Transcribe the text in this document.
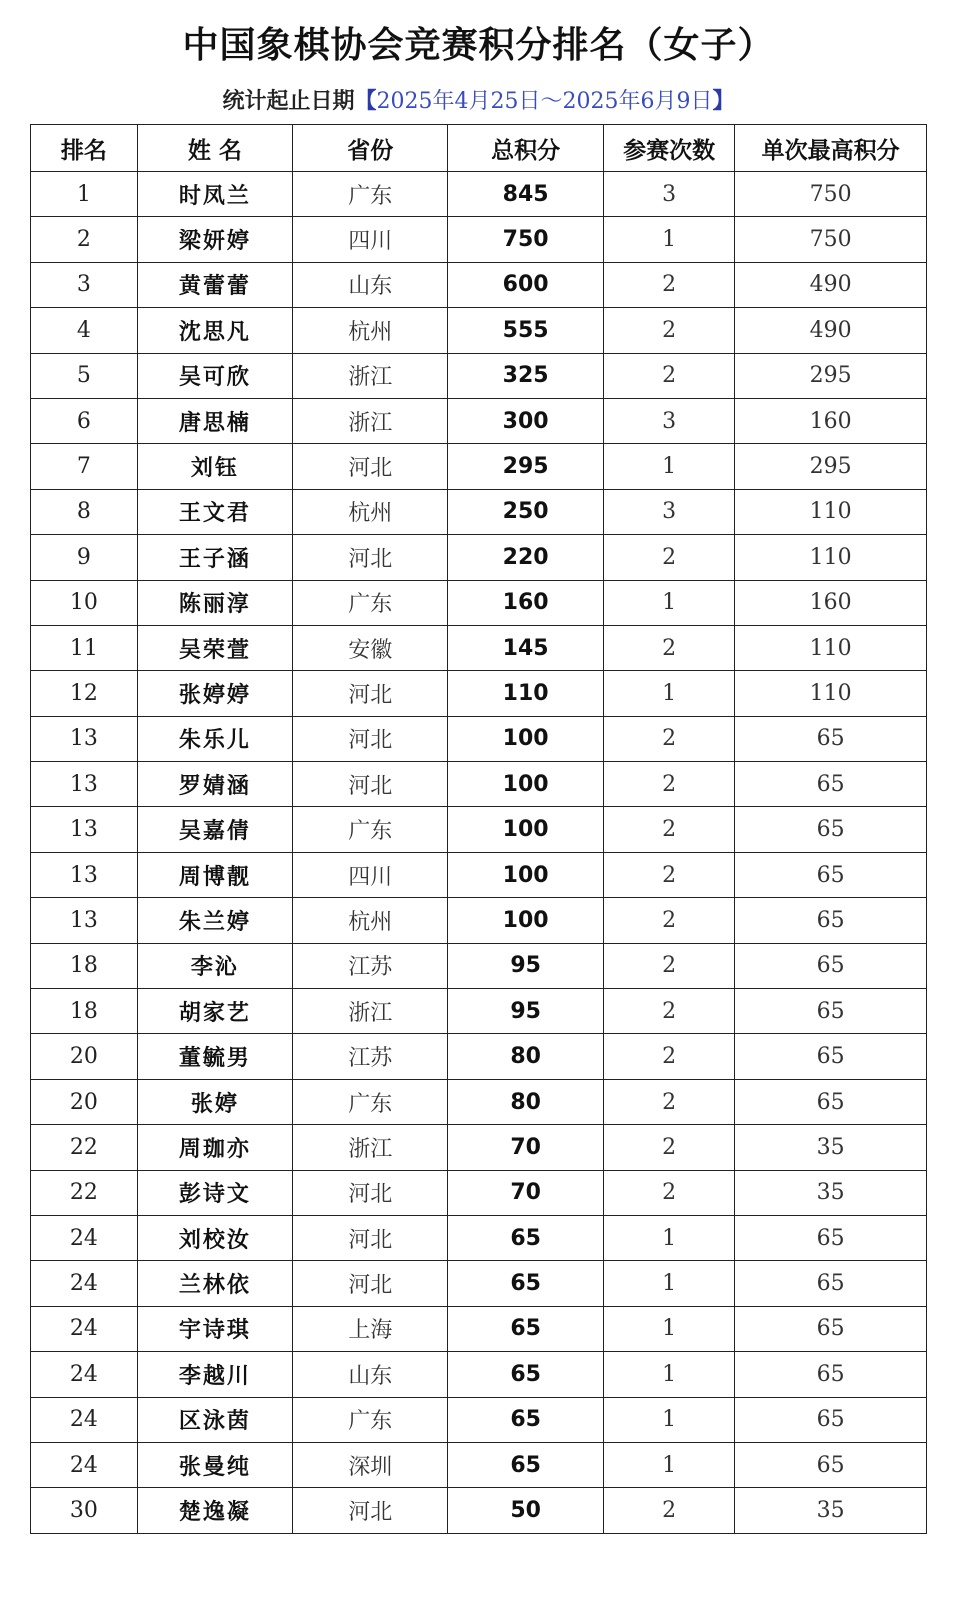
中国象棋协会竞赛积分排名（女子）
统计起止日期【2025年4月25日～2025年6月9日】
排名	姓 名	省份	总积分	参赛次数	单次最高积分
1	时凤兰	广东	845	3	750
2	梁妍婷	四川	750	1	750
3	黄蕾蕾	山东	600	2	490
4	沈思凡	杭州	555	2	490
5	吴可欣	浙江	325	2	295
6	唐思楠	浙江	300	3	160
7	刘钰	河北	295	1	295
8	王文君	杭州	250	3	110
9	王子涵	河北	220	2	110
10	陈丽淳	广东	160	1	160
11	吴荣萱	安徽	145	2	110
12	张婷婷	河北	110	1	110
13	朱乐儿	河北	100	2	65
13	罗婧涵	河北	100	2	65
13	吴嘉倩	广东	100	2	65
13	周博靓	四川	100	2	65
13	朱兰婷	杭州	100	2	65
18	李沁	江苏	95	2	65
18	胡家艺	浙江	95	2	65
20	董毓男	江苏	80	2	65
20	张婷	广东	80	2	65
22	周珈亦	浙江	70	2	35
22	彭诗文	河北	70	2	35
24	刘校汝	河北	65	1	65
24	兰林依	河北	65	1	65
24	宇诗琪	上海	65	1	65
24	李越川	山东	65	1	65
24	区泳茵	广东	65	1	65
24	张曼纯	深圳	65	1	65
30	楚逸凝	河北	50	2	35
